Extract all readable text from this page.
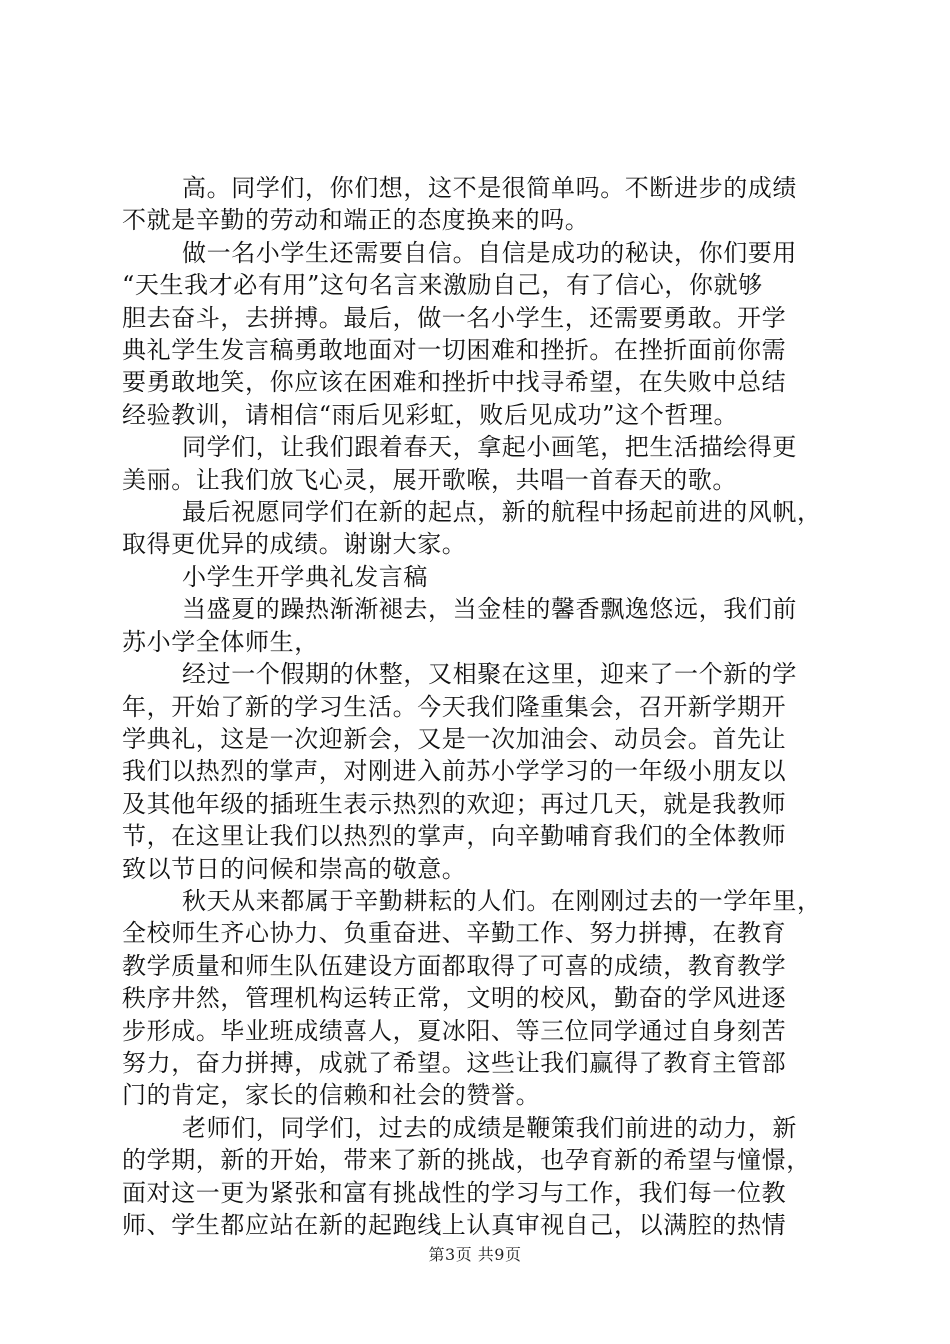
高。同学们，你们想，这不是很简单吗。不断进步的成绩
不就是辛勤的劳动和端正的态度换来的吗。

做一名小学生还需要自信。自信是成功的秘诀，你们要用
“天生我才必有用”这句名言来激励自己，有了信心，你就够
胆去奋斗，去拼搏。最后，做一名小学生，还需要勇敢。开学
典礼学生发言稿勇敢地面对一切困难和挫折。在挫折面前你需
要勇敢地笑，你应该在困难和挫折中找寻希望，在失败中总结
经验教训，请相信“雨后见彩虹，败后见成功”这个哲理。

同学们，让我们跟着春天，拿起小画笔，把生活描绘得更
美丽。让我们放飞心灵，展开歌喉，共唱一首春天的歌。

最后祝愿同学们在新的起点，新的航程中扬起前进的风帆，
取得更优异的成绩。谢谢大家。

小学生开学典礼发言稿

当盛夏的躁热渐渐褪去，当金桂的馨香飘逸悠远，我们前
苏小学全体师生，

经过一个假期的休整，又相聚在这里，迎来了一个新的学
年，开始了新的学习生活。今天我们隆重集会，召开新学期开
学典礼，这是一次迎新会，又是一次加油会、动员会。首先让
我们以热烈的掌声，对刚进入前苏小学学习的一年级小朋友以
及其他年级的插班生表示热烈的欢迎；再过几天，就是我教师
节，在这里让我们以热烈的掌声，向辛勤哺育我们的全体教师
致以节日的问候和崇高的敬意。

秋天从来都属于辛勤耕耘的人们。在刚刚过去的一学年里，
全校师生齐心协力、负重奋进、辛勤工作、努力拼搏，在教育
教学质量和师生队伍建设方面都取得了可喜的成绩，教育教学
秩序井然，管理机构运转正常，文明的校风，勤奋的学风进逐
步形成。毕业班成绩喜人，夏冰阳、等三位同学通过自身刻苦
努力，奋力拼搏，成就了希望。这些让我们赢得了教育主管部
门的肯定，家长的信赖和社会的赞誉。

老师们，同学们，过去的成绩是鞭策我们前进的动力，新
的学期，新的开始，带来了新的挑战，也孕育新的希望与憧憬，
面对这一更为紧张和富有挑战性的学习与工作，我们每一位教
师、学生都应站在新的起跑线上认真审视自己，以满腔的热情

第3页 共9页
